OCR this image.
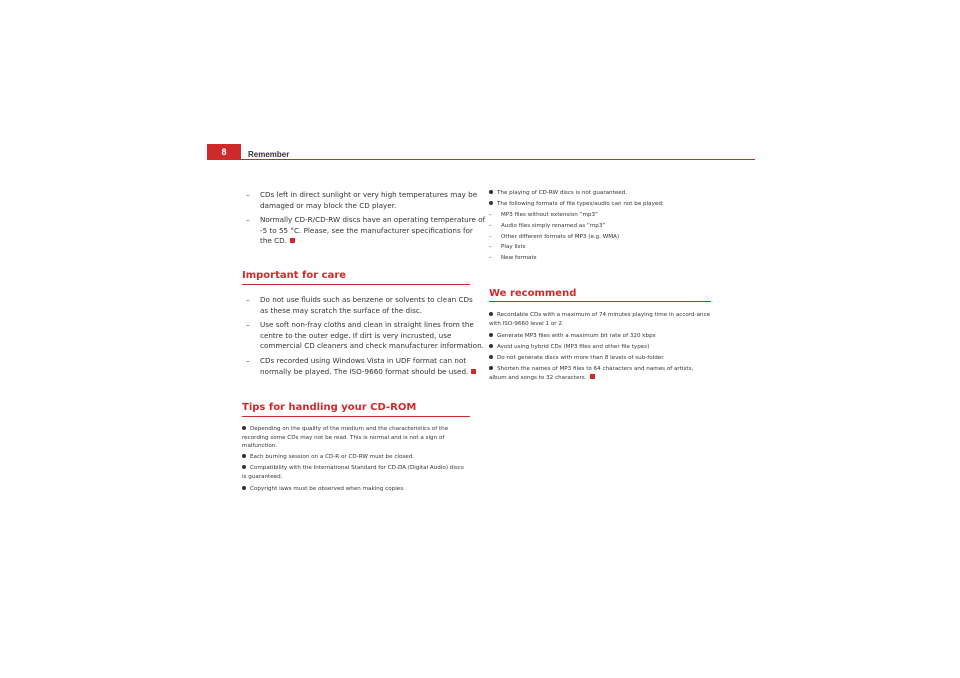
8	Remember
– CDs left in direct sunlight or very high temperatures may be damaged or may block the CD player.
– Normally CD-R/CD-RW discs have an operating temperature of -5 to 55 °C. Please, see the manufacturer specifications for the CD.
Important for care
– Do not use fluids such as benzene or solvents to clean CDs as these may scratch the surface of the disc.
– Use soft non-fray cloths and clean in straight lines from the centre to the outer edge. If dirt is very incrusted, use commercial CD cleaners and check manufacturer information.
– CDs recorded using Windows Vista in UDF format can not normally be played. The ISO-9660 format should be used.
Tips for handling your CD-ROM
Depending on the quality of the medium and the characteristics of the recording some CDs may not be read. This is normal and is not a sign of malfunction.
Each burning session on a CD-R or CD-RW must be closed.
Compatibility with the International Standard for CD-DA (Digital Audio) discs is guaranteed.
Copyright laws must be observed when making copies.
The playing of CD-RW discs is not guaranteed.
The following formats of file types/audio can not be played:
– MP3 files without extension “mp3”
– Audio files simply renamed as “mp3”
– Other different formats of MP3 (e.g. WMA)
– Play lists
– New formats
We recommend
Recordable CDs with a maximum of 74 minutes playing time in accord-ance with ISO-9660 level 1 or 2.
Generate MP3 files with a maximum bit rate of 320 kbps
Avoid using hybrid CDs (MP3 files and other file types)
Do not generate discs with more than 8 levels of sub-folder.
Shorten the names of MP3 files to 64 characters and names of artists, album and songs to 32 characters.
